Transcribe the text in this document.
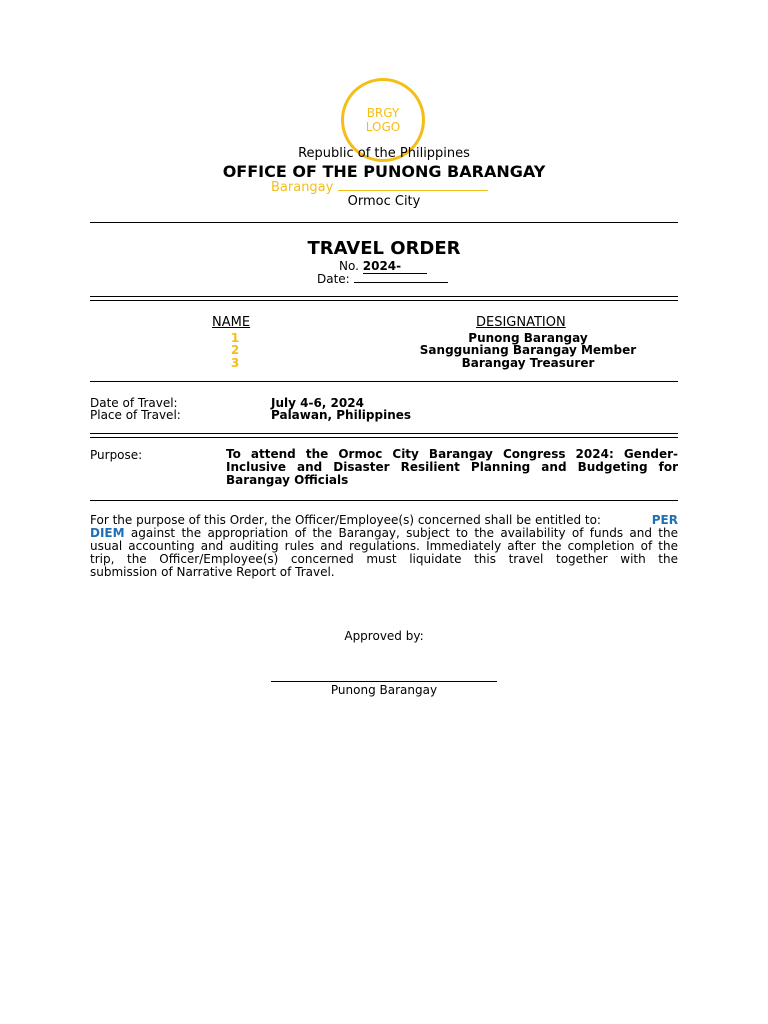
BRGY
LOGO
Republic of the Philippines
OFFICE OF THE PUNONG BARANGAY
Barangay
Ormoc City
TRAVEL ORDER
No. 2024-
Date:
NAME	DESIGNATION
1	Punong Barangay
2	Sangguniang Barangay Member
3	Barangay Treasurer
Date of Travel:	July 4-6, 2024
Place of Travel:	Palawan, Philippines
Purpose:	To attend the Ormoc City Barangay Congress 2024: Gender-
Inclusive and Disaster Resilient Planning and Budgeting for
Barangay Officials
For the purpose of this Order, the Officer/Employee(s) concerned shall be entitled to:	PER
DIEM against the appropriation of the Barangay, subject to the availability of funds and the
usual accounting and auditing rules and regulations. Immediately after the completion of the
trip, the Officer/Employee(s) concerned must liquidate this travel together with the
submission of Narrative Report of Travel.
Approved by:
Punong Barangay
